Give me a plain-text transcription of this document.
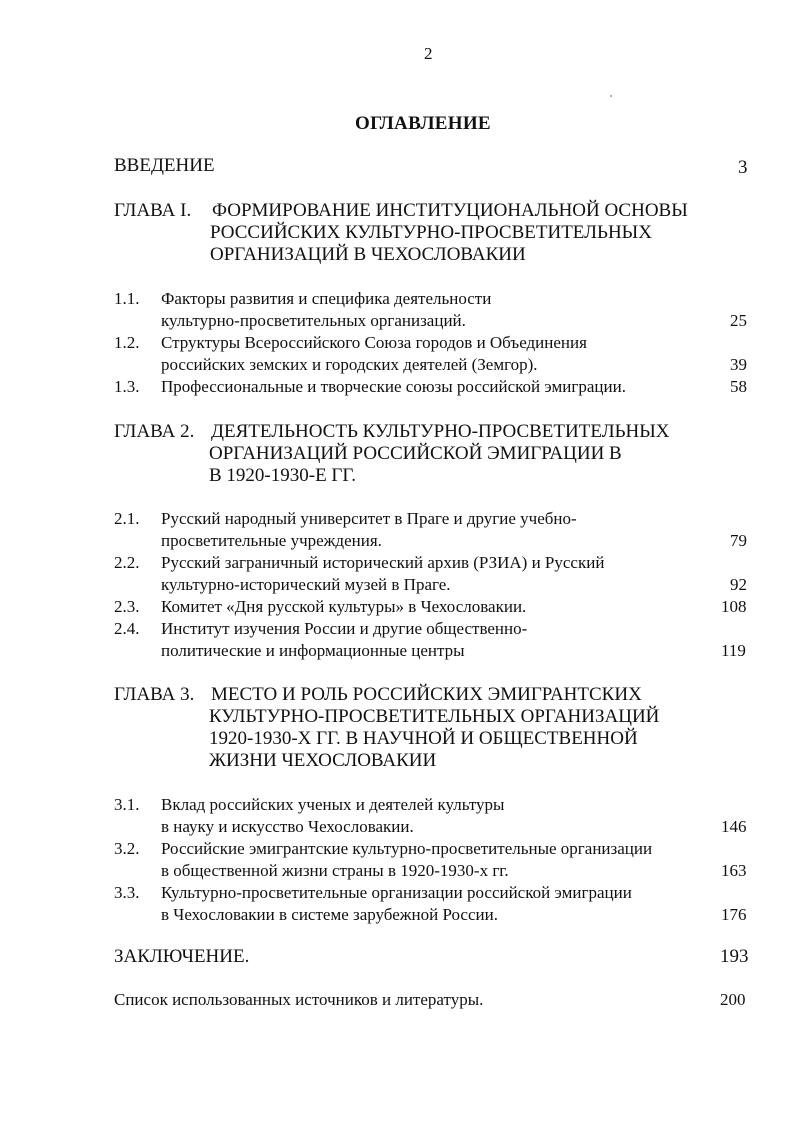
2
ОГЛАВЛЕНИЕ
ВВЕДЕНИЕ	3
ГЛАВА I. ФОРМИРОВАНИЕ ИНСТИТУЦИОНАЛЬНОЙ ОСНОВЫ
РОССИЙСКИХ КУЛЬТУРНО-ПРОСВЕТИТЕЛЬНЫХ
ОРГАНИЗАЦИЙ В ЧЕХОСЛОВАКИИ
1.1. Факторы развития и специфика деятельности
культурно-просветительных организаций.	25
1.2. Структуры Всероссийского Союза городов и Объединения
российских земских и городских деятелей (Земгор).	39
1.3. Профессиональные и творческие союзы российской эмиграции.	58
ГЛАВА 2. ДЕЯТЕЛЬНОСТЬ КУЛЬТУРНО-ПРОСВЕТИТЕЛЬНЫХ
ОРГАНИЗАЦИЙ РОССИЙСКОЙ ЭМИГРАЦИИ В
В 1920-1930-Е ГГ.
2.1. Русский народный университет в Праге и другие учебно-
просветительные учреждения.	79
2.2. Русский заграничный исторический архив (РЗИА) и Русский
культурно-исторический музей в Праге.	92
2.3. Комитет «Дня русской культуры» в Чехословакии.	108
2.4. Институт изучения России и другие общественно-
политические и информационные центры	119
ГЛАВА 3. МЕСТО И РОЛЬ РОССИЙСКИХ ЭМИГРАНТСКИХ
КУЛЬТУРНО-ПРОСВЕТИТЕЛЬНЫХ ОРГАНИЗАЦИЙ
1920-1930-Х ГГ. В НАУЧНОЙ И ОБЩЕСТВЕННОЙ
ЖИЗНИ ЧЕХОСЛОВАКИИ
3.1. Вклад российских ученых и деятелей культуры
в науку и искусство Чехословакии.	146
3.2. Российские эмигрантские культурно-просветительные организации
в общественной жизни страны в 1920-1930-х гг.	163
3.3. Культурно-просветительные организации российской эмиграции
в Чехословакии в системе зарубежной России.	176
ЗАКЛЮЧЕНИЕ.	193
Список использованных источников и литературы.	200
